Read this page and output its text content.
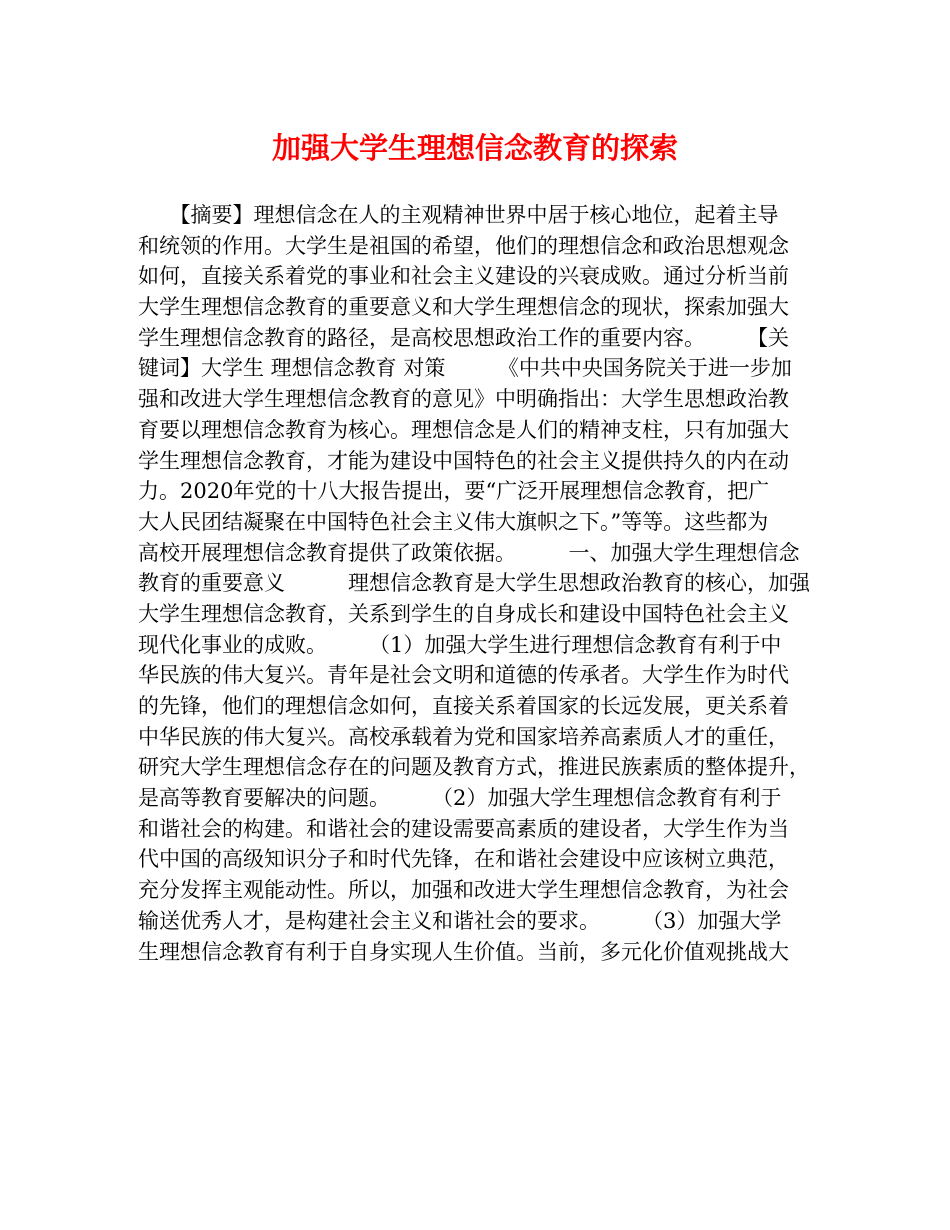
加强大学生理想信念教育的探索
　　【摘要】理想信念在人的主观精神世界中居于核心地位，起着主导
和统领的作用。大学生是祖国的希望，他们的理想信念和政治思想观念
如何，直接关系着党的事业和社会主义建设的兴衰成败。通过分析当前
大学生理想信念教育的重要意义和大学生理想信念的现状，探索加强大
学生理想信念教育的路径，是高校思想政治工作的重要内容。　　　【关
键词】大学生 理想信念教育 对策　　　《中共中央国务院关于进一步加
强和改进大学生理想信念教育的意见》中明确指出：大学生思想政治教
育要以理想信念教育为核心。理想信念是人们的精神支柱，只有加强大
学生理想信念教育，才能为建设中国特色的社会主义提供持久的内在动
力。2020年党的十八大报告提出，要“广泛开展理想信念教育，把广
大人民团结凝聚在中国特色社会主义伟大旗帜之下。”等等。这些都为
高校开展理想信念教育提供了政策依据。　　　一、加强大学生理想信念
教育的重要意义　　　理想信念教育是大学生思想政治教育的核心，加强
大学生理想信念教育，关系到学生的自身成长和建设中国特色社会主义
现代化事业的成败。　　　（1）加强大学生进行理想信念教育有利于中
华民族的伟大复兴。青年是社会文明和道德的传承者。大学生作为时代
的先锋，他们的理想信念如何，直接关系着国家的长远发展，更关系着
中华民族的伟大复兴。高校承载着为党和国家培养高素质人才的重任，
研究大学生理想信念存在的问题及教育方式，推进民族素质的整体提升，
是高等教育要解决的问题。　　　（2）加强大学生理想信念教育有利于
和谐社会的构建。和谐社会的建设需要高素质的建设者，大学生作为当
代中国的高级知识分子和时代先锋，在和谐社会建设中应该树立典范，
充分发挥主观能动性。所以，加强和改进大学生理想信念教育，为社会
输送优秀人才，是构建社会主义和谐社会的要求。　　　（3）加强大学
生理想信念教育有利于自身实现人生价值。当前，多元化价值观挑战大
